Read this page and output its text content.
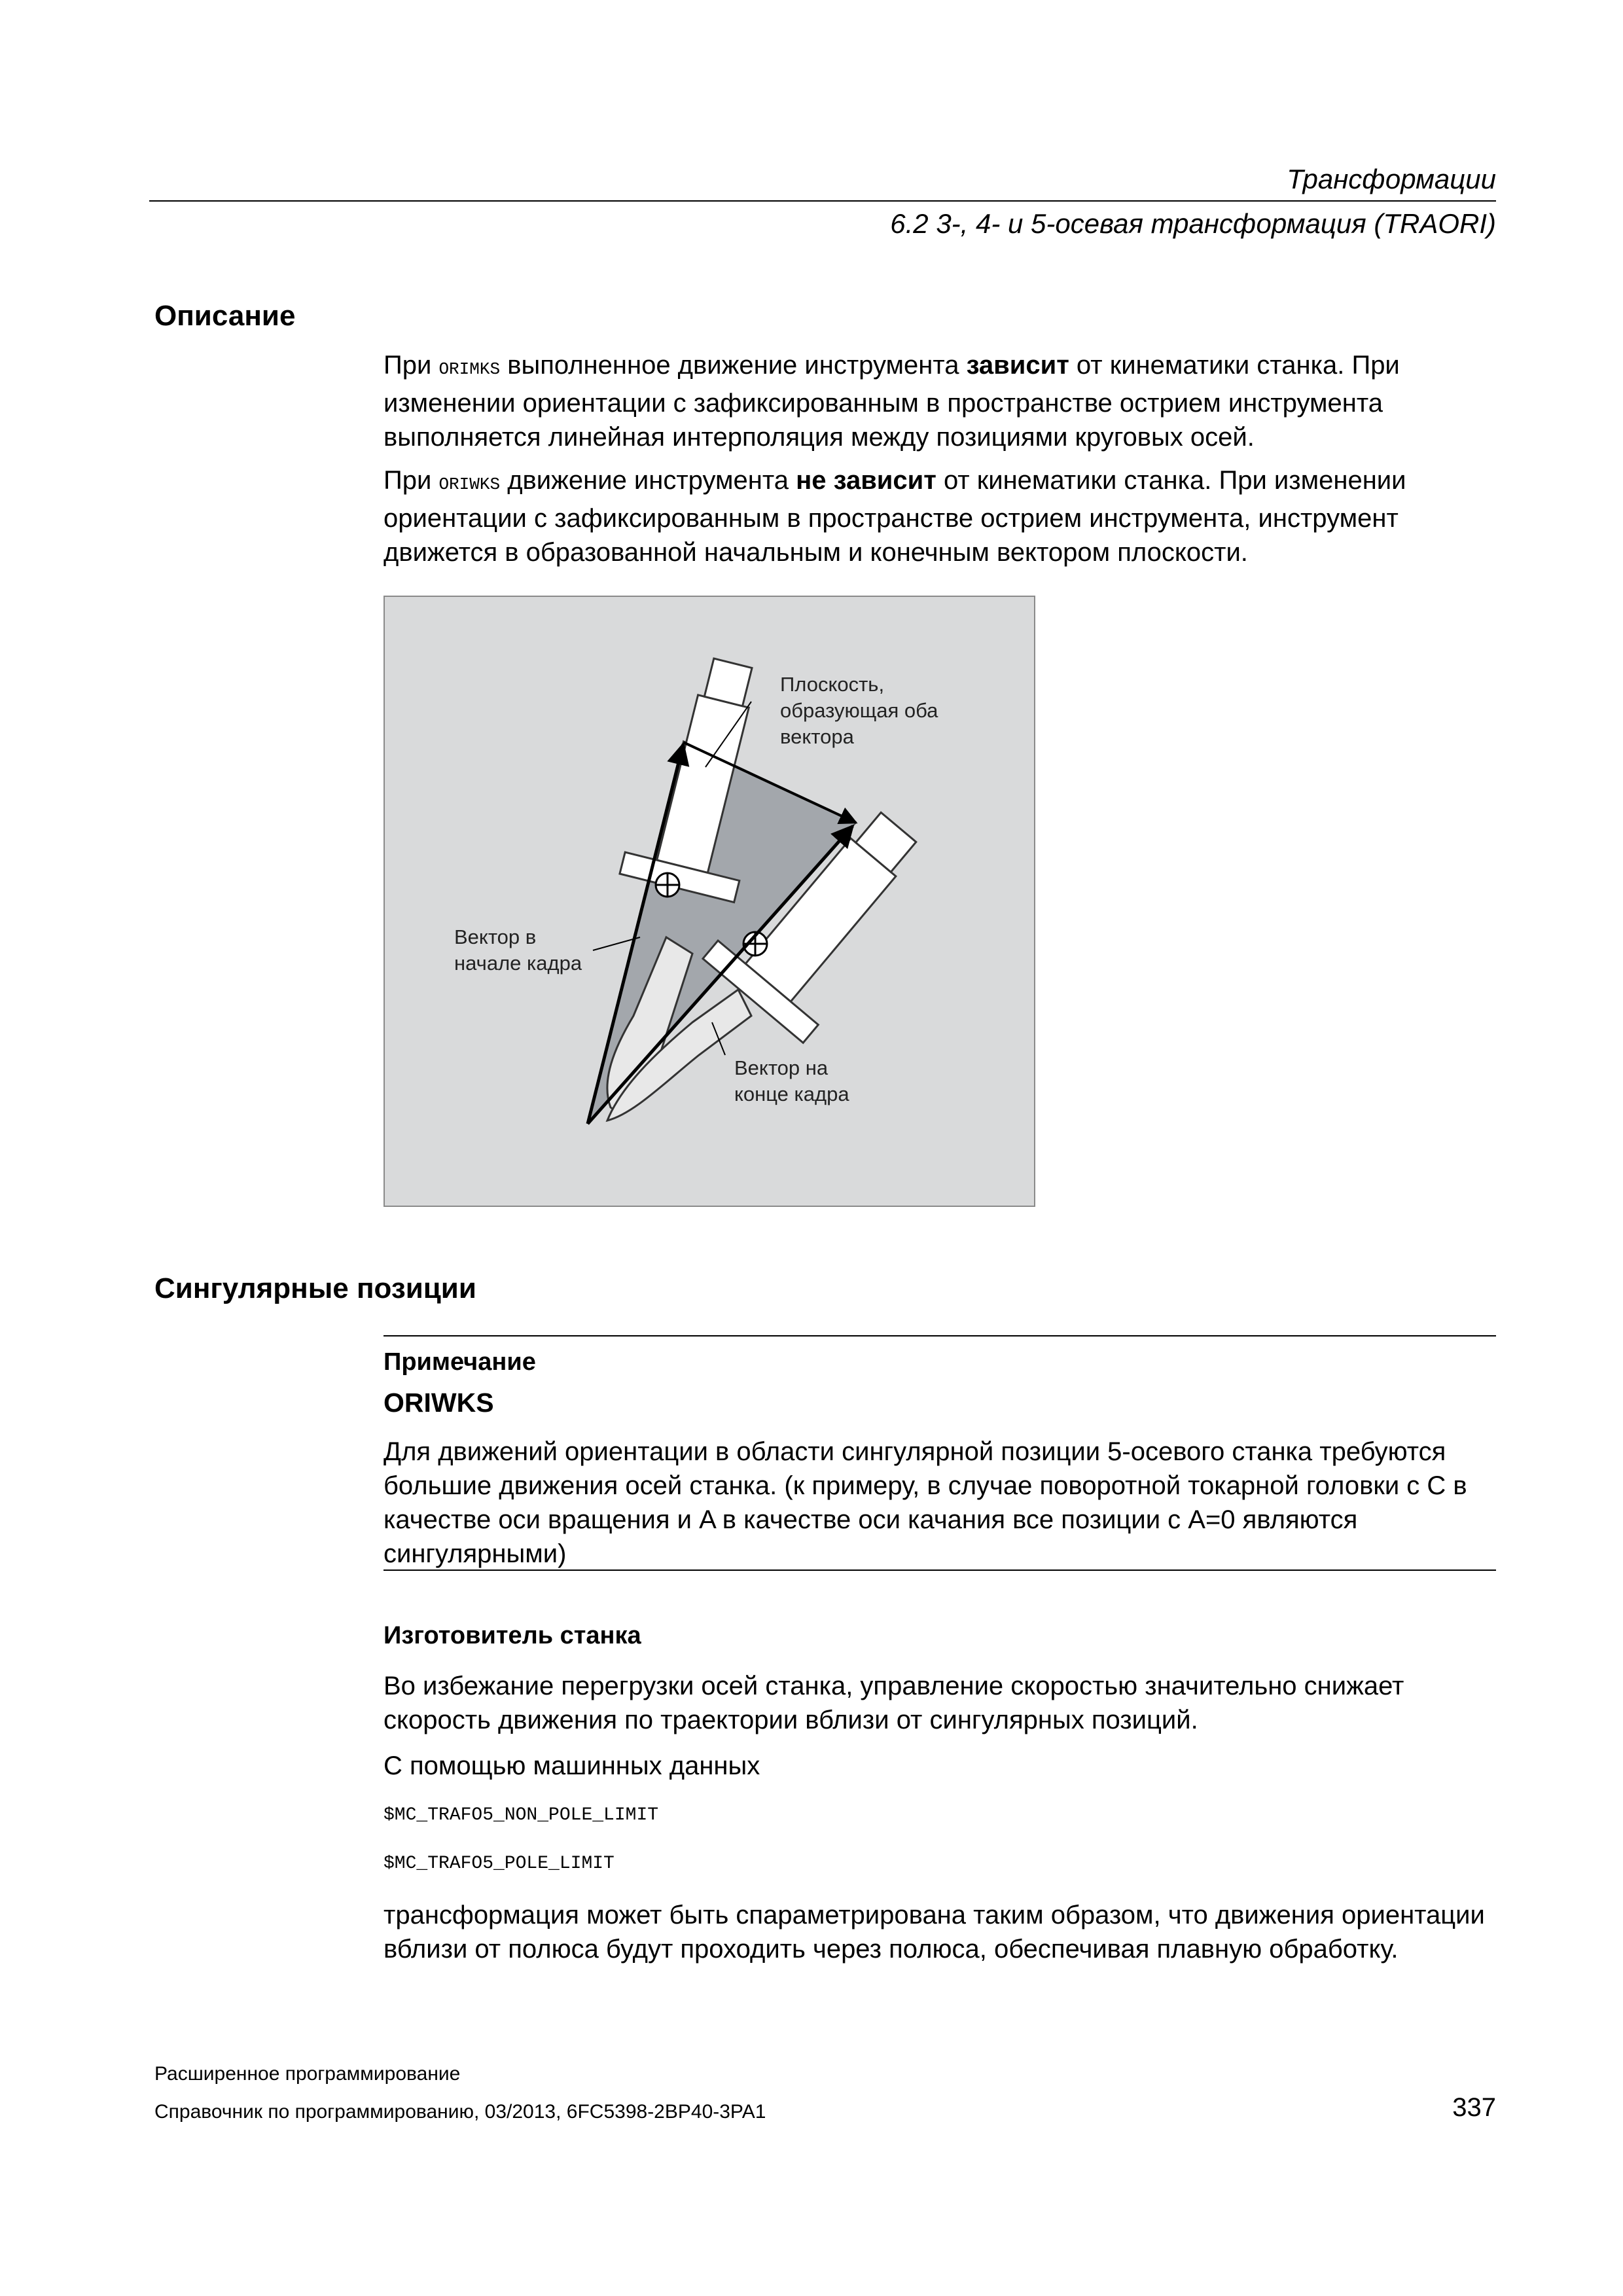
Трансформации
6.2 3-, 4- и 5-осевая трансформация (TRAORI)
Описание
При ORIMKS выполненное движение инструмента зависит от кинематики станка. При изменении ориентации с зафиксированным в пространстве острием инструмента выполняется линейная интерполяция между позициями круговых осей.
При ORIWKS движение инструмента не зависит от кинематики станка. При изменении ориентации с зафиксированным в пространстве острием инструмента, инструмент движется в образованной начальным и конечным вектором плоскости.
Плоскость,
образующая оба
вектора
Вектор в
начале кадра
Вектор на
конце кадра
Сингулярные позиции
Примечание
ORIWKS
Для движений ориентации в области сингулярной позиции 5-осевого станка требуются большие движения осей станка. (к примеру, в случае поворотной токарной головки с C в качестве оси вращения и A в качестве оси качания все позиции с A=0 являются сингулярными)
Изготовитель станка
Во избежание перегрузки осей станка, управление скоростью значительно снижает скорость движения по траектории вблизи от сингулярных позиций.
С помощью машинных данных
$MC_TRAFO5_NON_POLE_LIMIT
$MC_TRAFO5_POLE_LIMIT
трансформация может быть спараметрирована таким образом, что движения ориентации вблизи от полюса будут проходить через полюса, обеспечивая плавную обработку.
Расширенное программирование
Справочник по программированию, 03/2013, 6FC5398-2BP40-3PA1	337
